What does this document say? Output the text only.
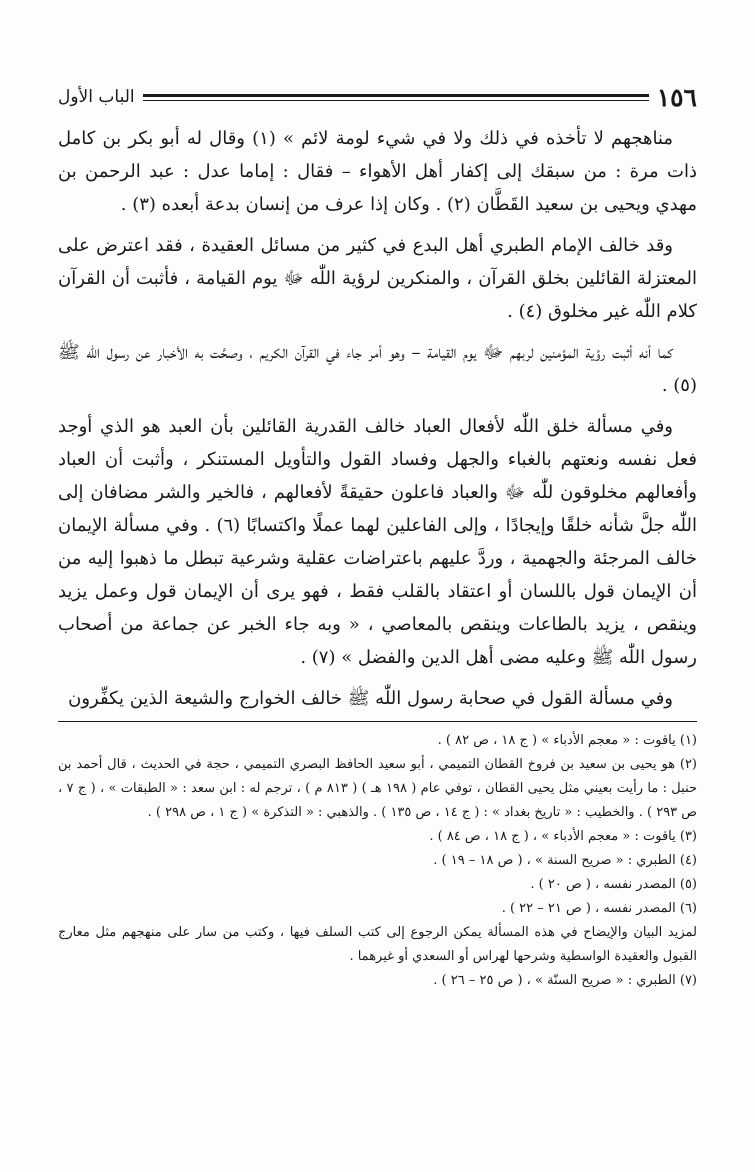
١٥٦
الباب الأول

مناهجهم لا تأخذه في ذلك ولا في شيء لومة لائم » (١) وقال له أبو بكر بن كامل ذات مرة : من سبقك إلى إكفار أهل الأهواء – فقال : إماما عدل : عبد الرحمن بن مهدي ويحيى بن سعيد القَطَّان (٢) . وكان إذا عرف من إنسان بدعة أبعده (٣) .

وقد خالف الإمام الطبري أهل البدع في كثير من مسائل العقيدة ، فقد اعترض على المعتزلة القائلين بخلق القرآن ، والمنكرين لرؤية اللّٰه ﷻ يوم القيامة ، فأثبت أن القرآن كلام اللّٰه غير مخلوق (٤) .

كما أنه أثبت رؤية المؤمنين لربهم ﷻ يوم القيامة – وهو أمر جاء في القرآن الكريم ، وصحَّت به الأخبار عن رسول اللّٰه ﷺ (٥) .

وفي مسألة خلق اللّٰه لأفعال العباد خالف القدرية القائلين بأن العبد هو الذي أوجد فعل نفسه ونعتهم بالغباء والجهل وفساد القول والتأويل المستنكر ، وأثبت أن العباد وأفعالهم مخلوقون للّٰه ﷻ والعباد فاعلون حقيقةً لأفعالهم ، فالخير والشر مضافان إلى اللّٰه جلَّ شأنه خلقًا وإيجادًا ، وإلى الفاعلين لهما عملًا واكتسابًا (٦) . وفي مسألة الإيمان خالف المرجئة والجهمية ، وردَّ عليهم باعتراضات عقلية وشرعية تبطل ما ذهبوا إليه من أن الإيمان قول باللسان أو اعتقاد بالقلب فقط ، فهو يرى أن الإيمان قول وعمل يزيد وينقص ، يزيد بالطاعات وينقص بالمعاصي ، « وبه جاء الخبر عن جماعة من أصحاب رسول اللّٰه ﷺ وعليه مضى أهل الدين والفضل » (٧) .

وفي مسألة القول في صحابة رسول اللّٰه ﷺ خالف الخوارج والشيعة الذين يكفِّرون

(١) ياقوت : « معجم الأدباء » ( ج ١٨ ، ص ٨٢ ) .

(٢) هو يحيى بن سعيد بن فروخ القطان التميمي ، أبو سعيد الحافظ البصري التميمي ، حجة في الحديث ، قال أحمد بن حنبل : ما رأيت بعيني مثل يحيى القطان ، توفي عام ( ١٩٨ هـ ) ( ٨١٣ م ) ، ترجم له : ابن سعد : « الطبقات » ، ( ج ٧ ، ص ٢٩٣ ) . والخطيب : « تاريخ بغداد » : ( ج ١٤ ، ص ١٣٥ ) . والذهبي : « التذكرة » ( ج ١ ، ص ٢٩٨ ) .

(٣) ياقوت : « معجم الأدباء » ، ( ج ١٨ ، ص ٨٤ ) .

(٤) الطبري : « صريح السنة » ، ( ص ١٨ – ١٩ ) .

(٥) المصدر نفسه ، ( ص ٢٠ ) .

(٦) المصدر نفسه ، ( ص ٢١ – ٢٢ ) .

لمزيد البيان والإيضاح في هذه المسألة يمكن الرجوع إلى كتب السلف فيها ، وكتب من سار على منهجهم مثل معارج القبول والعقيدة الواسطية وشرحها لهراس أو السعدي أو غيرهما .

(٧) الطبري : « صريح السنّة » ، ( ص ٢٥ – ٢٦ ) .
